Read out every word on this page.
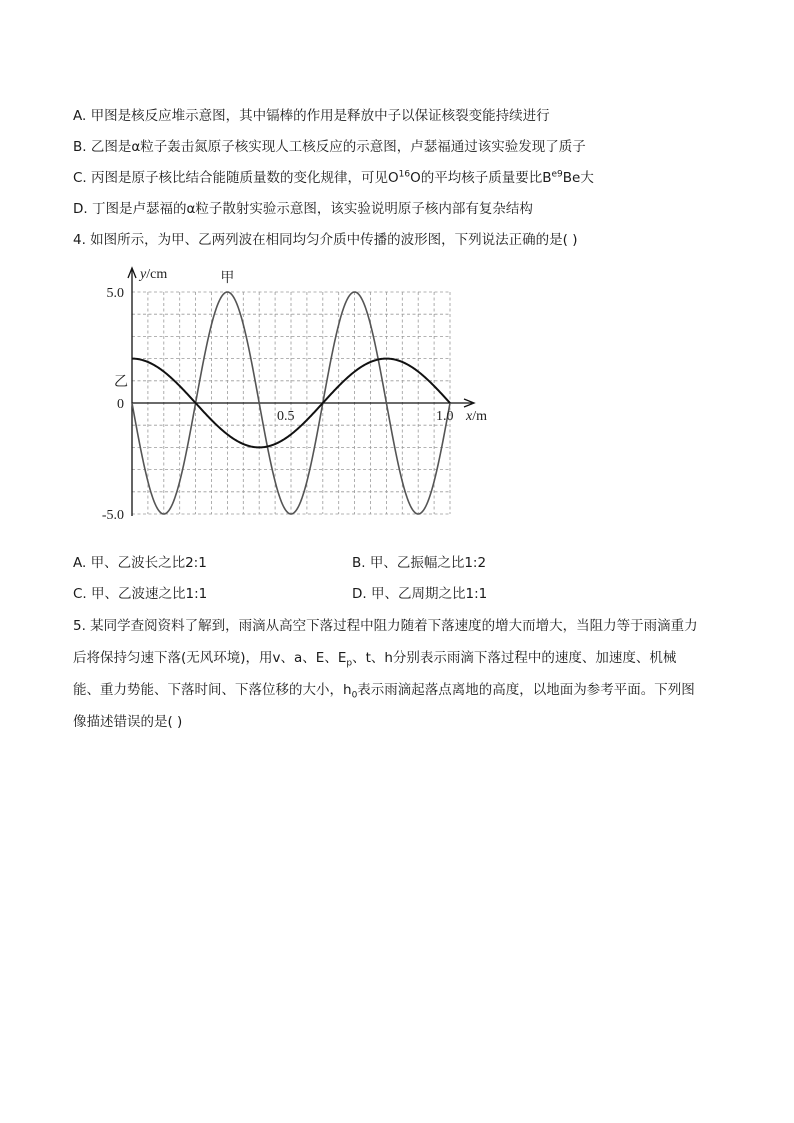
A. 甲图是核反应堆示意图，其中镉棒的作用是释放中子以保证核裂变能持续进行
B. 乙图是α粒子轰击氮原子核实现人工核反应的示意图，卢瑟福通过该实验发现了质子
C. 丙图是原子核比结合能随质量数的变化规律，可见$O^{16}O$的平均核子质量要比$B^{e9}Be$大
D. 丁图是卢瑟福的α粒子散射实验示意图，该实验说明原子核内部有复杂结构
4. 如图所示，为甲、乙两列波在相同均匀介质中传播的波形图，下列说法正确的是( )
甲
乙
5.0
0
-5.0
0.5	1.0
y/cm
x/m
A. 甲、乙波长之比2:1	B. 甲、乙振幅之比1:2
C. 甲、乙波速之比1:1	D. 甲、乙周期之比1:1
5. 某同学查阅资料了解到，雨滴从高空下落过程中阻力随着下落速度的增大而增大，当阻力等于雨滴重力
后将保持匀速下落(无风环境)，用v、a、E、$E_p$、t、h分别表示雨滴下落过程中的速度、加速度、机械
能、重力势能、下落时间、下落位移的大小，$h_0$表示雨滴起落点离地的高度，以地面为参考平面。下列图
像描述错误的是( )
